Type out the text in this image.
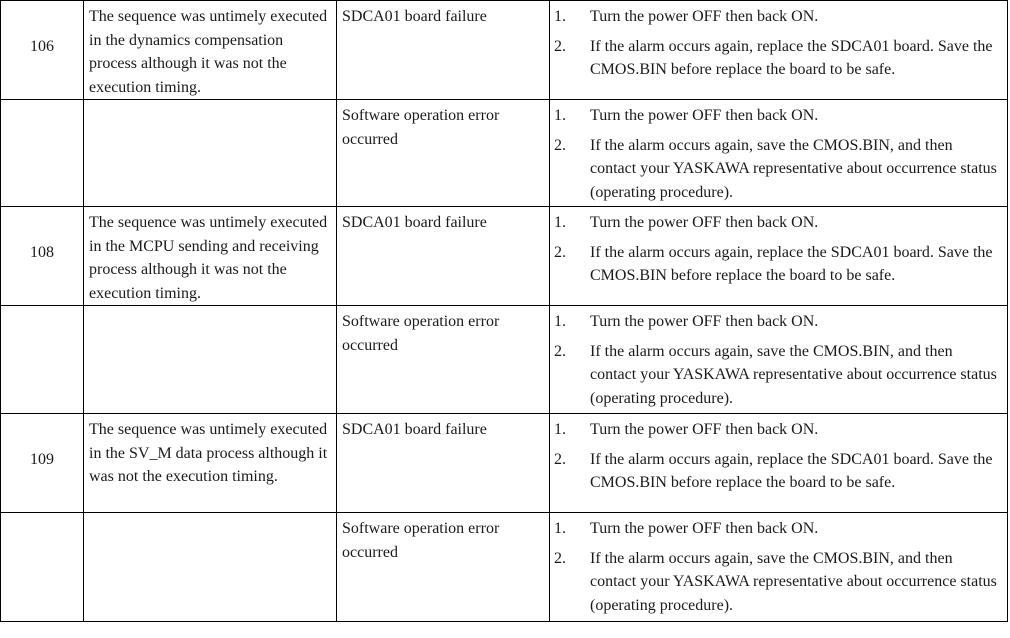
106	The sequence was untimely executed in the dynamics compensation process although it was not the execution timing.	SDCA01 board failure	1. Turn the power OFF then back ON.
2. If the alarm occurs again, replace the SDCA01 board. Save the CMOS.BIN before replace the board to be safe.

		Software operation error occurred	1. Turn the power OFF then back ON.
2. If the alarm occurs again, save the CMOS.BIN, and then contact your YASKAWA representative about occurrence status (operating procedure).

108	The sequence was untimely executed in the MCPU sending and receiving process although it was not the execution timing.	SDCA01 board failure	1. Turn the power OFF then back ON.
2. If the alarm occurs again, replace the SDCA01 board. Save the CMOS.BIN before replace the board to be safe.

		Software operation error occurred	1. Turn the power OFF then back ON.
2. If the alarm occurs again, save the CMOS.BIN, and then contact your YASKAWA representative about occurrence status (operating procedure).

109	The sequence was untimely executed in the SV_M data process although it was not the execution timing.	SDCA01 board failure	1. Turn the power OFF then back ON.
2. If the alarm occurs again, replace the SDCA01 board. Save the CMOS.BIN before replace the board to be safe.

		Software operation error occurred	1. Turn the power OFF then back ON.
2. If the alarm occurs again, save the CMOS.BIN, and then contact your YASKAWA representative about occurrence status (operating procedure).
